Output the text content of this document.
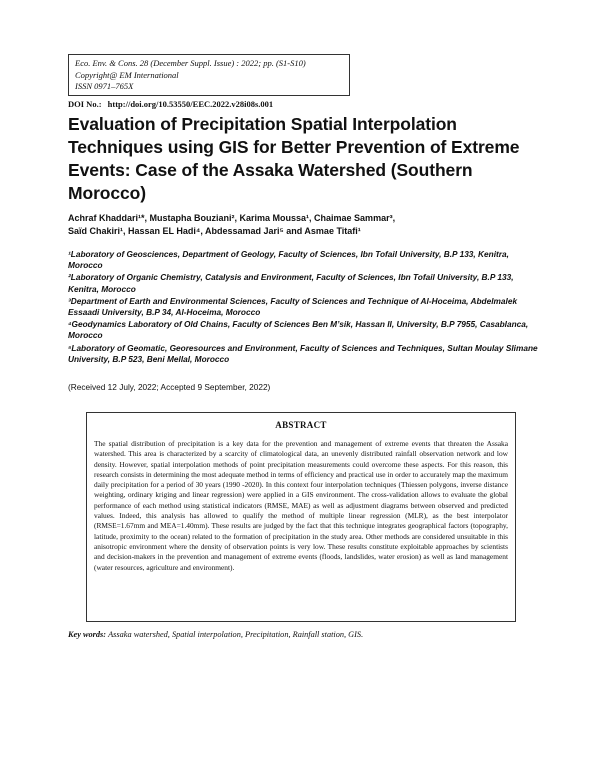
Eco. Env. & Cons. 28 (December Suppl. Issue) : 2022; pp. (S1-S10)
Copyright@ EM International
ISSN 0971–765X
DOI No.: http://doi.org/10.53550/EEC.2022.v28i08s.001
Evaluation of Precipitation Spatial Interpolation Techniques using GIS for Better Prevention of Extreme Events: Case of the Assaka Watershed (Southern Morocco)
Achraf Khaddari¹*, Mustapha Bouziani², Karima Moussa¹, Chaimae Sammar³,
Saïd Chakiri¹, Hassan EL Hadi⁴, Abdessamad Jari⁵ and Asmae Titafi¹

¹Laboratory of Geosciences, Department of Geology, Faculty of Sciences, Ibn Tofail University, B.P 133, Kenitra, Morocco

²Laboratory of Organic Chemistry, Catalysis and Environment, Faculty of Sciences, Ibn Tofail University, B.P 133, Kenitra, Morocco

³Department of Earth and Environmental Sciences, Faculty of Sciences and Technique of Al-Hoceima, Abdelmalek Essaadi University, B.P 34, Al-Hoceima, Morocco

⁴Geodynamics Laboratory of Old Chains, Faculty of Sciences Ben M’sik, Hassan II, University, B.P 7955, Casablanca, Morocco

⁵Laboratory of Geomatic, Georesources and Environment, Faculty of Sciences and Techniques, Sultan Moulay Slimane University, B.P 523, Beni Mellal, Morocco

(Received 12 July, 2022; Accepted 9 September, 2022)
ABSTRACT

The spatial distribution of precipitation is a key data for the prevention and management of extreme events that threaten the Assaka watershed. This area is characterized by a scarcity of climatological data, an unevenly distributed rainfall observation network and low density. However, spatial interpolation methods of point precipitation measurements could overcome these aspects. For this reason, this research consists in determining the most adequate method in terms of efficiency and practical use in order to accurately map the maximum daily precipitation for a period of 30 years (1990 -2020). In this context four interpolation techniques (Thiessen polygons, inverse distance weighting, ordinary kriging and linear regression) were applied in a GIS environment. The cross-validation allows to evaluate the global performance of each method using statistical indicators (RMSE, MAE) as well as adjustment diagrams between observed and predicted values. Indeed, this analysis has allowed to qualify the method of multiple linear regression (MLR), as the best interpolator (RMSE=1.67mm and MEA=1.40mm). These results are judged by the fact that this technique integrates geographical factors (topography, latitude, proximity to the ocean) related to the formation of precipitation in the study area. Other methods are considered unsuitable in this anisotropic environment where the density of observation points is very low. These results constitute exploitable approaches by scientists and decision-makers in the prevention and management of extreme events (floods, landslides, water erosion) as well as land management (water resources, agriculture and environment).

Key words: Assaka watershed, Spatial interpolation, Precipitation, Rainfall station, GIS.
